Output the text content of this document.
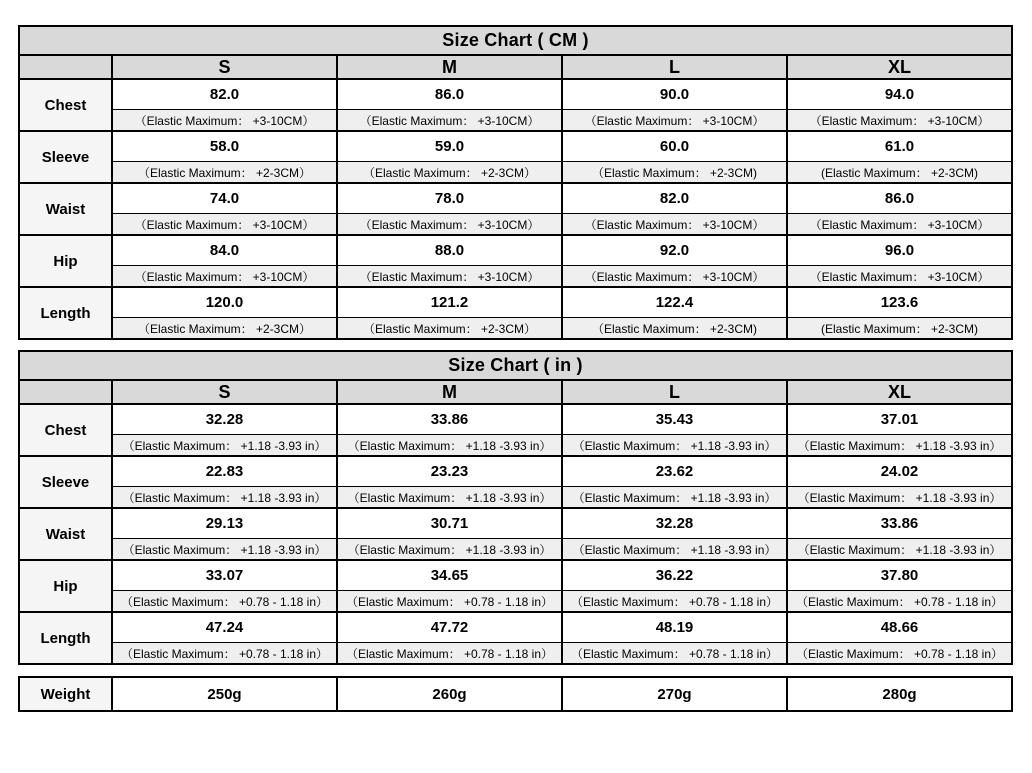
Size Chart ( CM )				
	S	M	L	XL
Chest	82.0	86.0	90.0	94.0
	（Elastic Maximum： +3-10CM）	（Elastic Maximum： +3-10CM）	（Elastic Maximum： +3-10CM）	（Elastic Maximum： +3-10CM）
Sleeve	58.0	59.0	60.0	61.0
	（Elastic Maximum： +2-3CM）	（Elastic Maximum： +2-3CM）	（Elastic Maximum： +2-3CM)	(Elastic Maximum： +2-3CM)
Waist	74.0	78.0	82.0	86.0
	（Elastic Maximum： +3-10CM）	（Elastic Maximum： +3-10CM）	（Elastic Maximum： +3-10CM）	（Elastic Maximum： +3-10CM）
Hip	84.0	88.0	92.0	96.0
	（Elastic Maximum： +3-10CM）	（Elastic Maximum： +3-10CM）	（Elastic Maximum： +3-10CM）	（Elastic Maximum： +3-10CM）
Length	120.0	121.2	122.4	123.6
	（Elastic Maximum： +2-3CM）	（Elastic Maximum： +2-3CM）	（Elastic Maximum： +2-3CM)	(Elastic Maximum： +2-3CM)
Size Chart ( in )				
	S	M	L	XL
Chest	32.28	33.86	35.43	37.01
	（Elastic Maximum： +1.18 -3.93 in）	（Elastic Maximum： +1.18 -3.93 in）	（Elastic Maximum： +1.18 -3.93 in）	（Elastic Maximum： +1.18 -3.93 in）
Sleeve	22.83	23.23	23.62	24.02
	（Elastic Maximum： +1.18 -3.93 in）	（Elastic Maximum： +1.18 -3.93 in）	（Elastic Maximum： +1.18 -3.93 in）	（Elastic Maximum： +1.18 -3.93 in）
Waist	29.13	30.71	32.28	33.86
	（Elastic Maximum： +1.18 -3.93 in）	（Elastic Maximum： +1.18 -3.93 in）	（Elastic Maximum： +1.18 -3.93 in）	（Elastic Maximum： +1.18 -3.93 in）
Hip	33.07	34.65	36.22	37.80
	（Elastic Maximum： +0.78 - 1.18 in）	（Elastic Maximum： +0.78 - 1.18 in）	（Elastic Maximum： +0.78 - 1.18 in）	（Elastic Maximum： +0.78 - 1.18 in）
Length	47.24	47.72	48.19	48.66
	（Elastic Maximum： +0.78 - 1.18 in）	（Elastic Maximum： +0.78 - 1.18 in）	（Elastic Maximum： +0.78 - 1.18 in）	（Elastic Maximum： +0.78 - 1.18 in）
Weight	250g	260g	270g	280g
